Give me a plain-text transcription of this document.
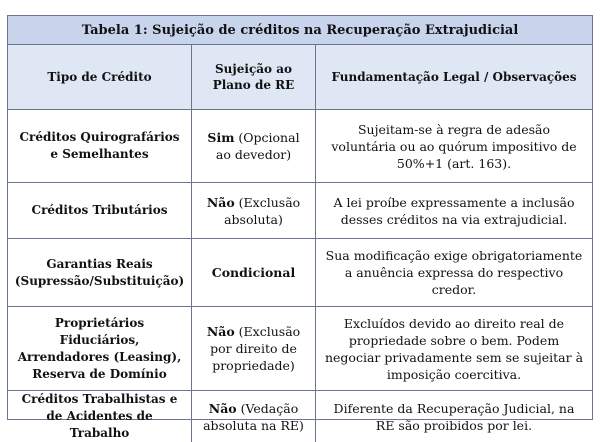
Tabela 1: Sujeição de créditos na Recuperação Extrajudicial
Tipo de Crédito
Sujeição ao Plano de RE
Fundamentação Legal / Observações
Créditos Quirografários e Semelhantes
Sim (Opcional ao devedor)
Sujeitam-se à regra de adesão voluntária ou ao quórum impositivo de 50%+1 (art. 163).
Créditos Tributários
Não (Exclusão absoluta)
A lei proíbe expressamente a inclusão desses créditos na via extrajudicial.
Garantias Reais (Supressão/Substituição)
Condicional
Sua modificação exige obrigatoriamente a anuência expressa do respectivo credor.
Proprietários Fiduciários, Arrendadores (Leasing), Reserva de Domínio
Não (Exclusão por direito de propriedade)
Excluídos devido ao direito real de propriedade sobre o bem. Podem negociar privadamente sem se sujeitar à imposição coercitiva.
Créditos Trabalhistas e de Acidentes de Trabalho
Não (Vedação absoluta na RE)
Diferente da Recuperação Judicial, na RE são proibidos por lei.
